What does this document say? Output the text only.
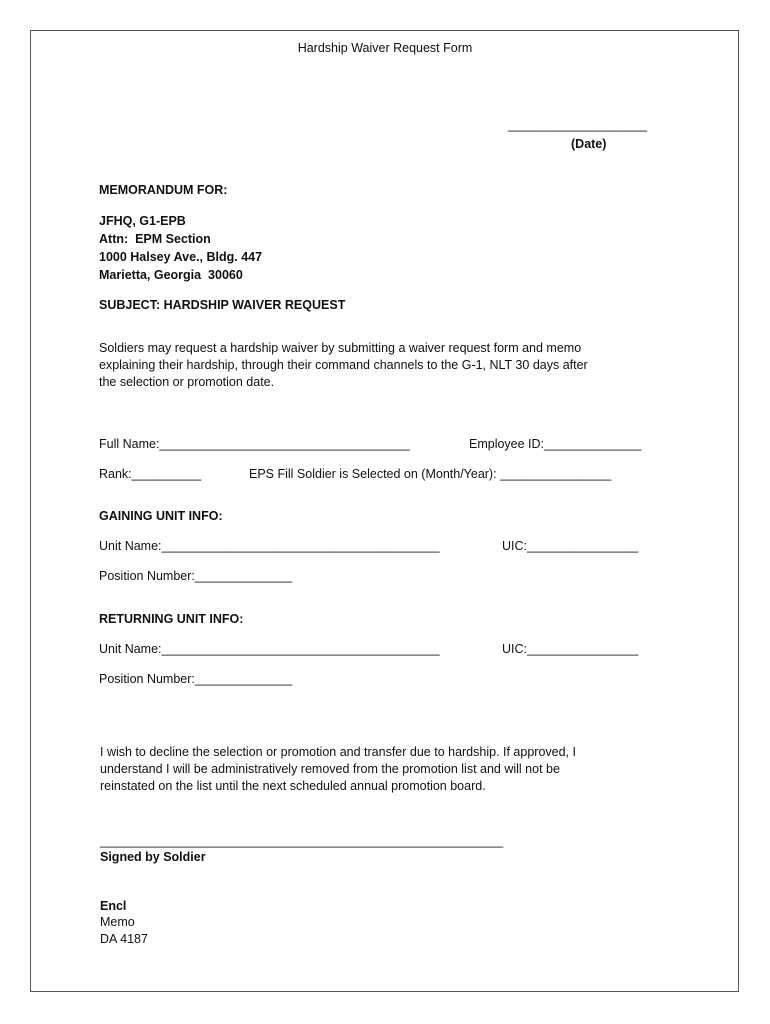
Hardship Waiver Request Form
____________________
(Date)
MEMORANDUM FOR:
JFHQ, G1-EPB
Attn:  EPM Section
1000 Halsey Ave., Bldg. 447
Marietta, Georgia  30060
SUBJECT: HARDSHIP WAIVER REQUEST
Soldiers may request a hardship waiver by submitting a waiver request form and memo
explaining their hardship, through their command channels to the G-1, NLT 30 days after
the selection or promotion date.
Full Name:____________________________________	Employee ID:______________
Rank:__________	EPS Fill Soldier is Selected on (Month/Year): ________________
GAINING UNIT INFO:
Unit Name:________________________________________	UIC:________________
Position Number:______________
RETURNING UNIT INFO:
Unit Name:________________________________________	UIC:________________
Position Number:______________
I wish to decline the selection or promotion and transfer due to hardship. If approved, I
understand I will be administratively removed from the promotion list and will not be
reinstated on the list until the next scheduled annual promotion board.
__________________________________________________________
Signed by Soldier
Encl
Memo
DA 4187
